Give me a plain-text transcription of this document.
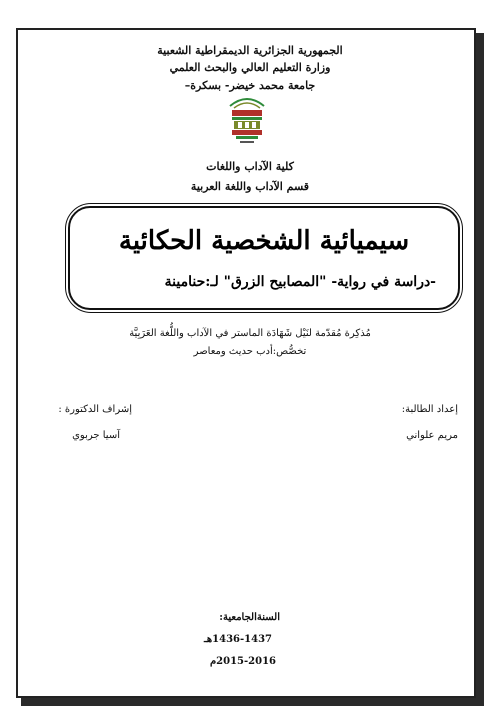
الجمهورية الجزائرية الديمقراطية الشعبية
وزارة التعليم العالي والبحث العلمي
جامعة محمد خيضر- بسكرة–
كلية الآداب واللغات
قسم الآداب واللغة العربية
سيميائية الشخصية الحكائية
-دراسة في رواية- "المصابيح الزرق" لـ:حنامينة
مُذكِرة مُقدّمة لنَيْل شَهَادَة الماستر في الآداب واللُّغة العَرَبِيَّة
تخصُّص:أدب حديث ومعاصر
إعداد الطالبة:
مريم علواني
إشراف الدكتورة :
آسيا جربوي
السنةالجامعية:
1436-1437هـ
2015-2016م
